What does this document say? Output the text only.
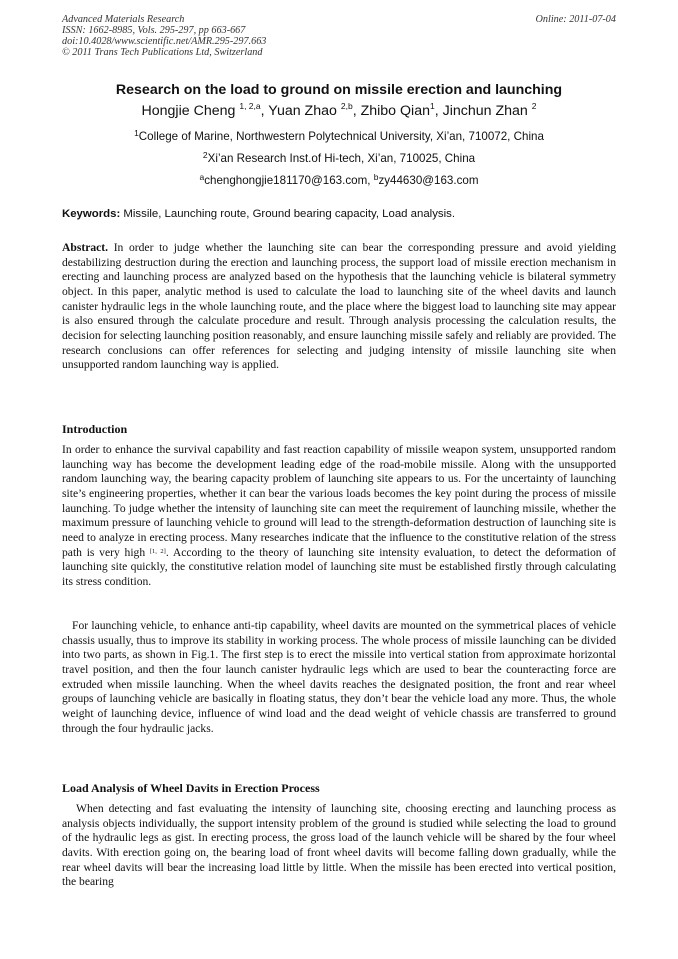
Advanced Materials Research
ISSN: 1662-8985, Vols. 295-297, pp 663-667
doi:10.4028/www.scientific.net/AMR.295-297.663
© 2011 Trans Tech Publications Ltd, Switzerland
Online: 2011-07-04
Research on the load to ground on missile erection and launching
Hongjie Cheng $^{1, 2,a}$, Yuan Zhao $^{2,b}$, Zhibo Qian$^1$, Jinchun Zhan $^2$
$^1$College of Marine, Northwestern Polytechnical University, Xi’an, 710072, China
$^2$Xi’an Research Inst.of Hi-tech, Xi’an, 710025, China
$^a$chenghongjie181170@163.com, $^b$zy44630@163.com
Keywords: Missile, Launching route, Ground bearing capacity, Load analysis.
Abstract. In order to judge whether the launching site can bear the corresponding pressure and avoid yielding destabilizing destruction during the erection and launching process, the support load of missile erection mechanism in erecting and launching process are analyzed based on the hypothesis that the launching vehicle is bilateral symmetry object. In this paper, analytic method is used to calculate the load to launching site of the wheel davits and launch canister hydraulic legs in the whole launching route, and the place where the biggest load to launching site may appear is also ensured through the calculate procedure and result. Through analysis processing the calculation results, the decision for selecting launching position reasonably, and ensure launching missile safely and reliably are provided. The research conclusions can offer references for selecting and judging intensity of missile launching site when unsupported random launching way is applied.
Introduction
In order to enhance the survival capability and fast reaction capability of missile weapon system, unsupported random launching way has become the development leading edge of the road-mobile missile. Along with the unsupported random launching way, the bearing capacity problem of launching site appears to us. For the uncertainty of launching site’s engineering properties, whether it can bear the various loads becomes the key point during the process of missile launching. To judge whether the intensity of launching site can meet the requirement of launching missile, whether the maximum pressure of launching vehicle to ground will lead to the strength-deformation destruction of launching site is need to analyze in erecting process. Many researches indicate that the influence to the constitutive relation of the stress path is very high [1, 2]. According to the theory of launching site intensity evaluation, to detect the deformation of launching site quickly, the constitutive relation model of launching site must be established firstly through calculating its stress condition.
For launching vehicle, to enhance anti-tip capability, wheel davits are mounted on the symmetrical places of vehicle chassis usually, thus to improve its stability in working process. The whole process of missile launching can be divided into two parts, as shown in Fig.1. The first step is to erect the missile into vertical station from approximate horizontal travel position, and then the four launch canister hydraulic legs which are used to bear the counteracting force are extruded when missile launching. When the wheel davits reaches the designated position, the front and rear wheel groups of launching vehicle are basically in floating status, they don’t bear the vehicle load any more. Thus, the whole weight of launching device, influence of wind load and the dead weight of vehicle chassis are transferred to ground through the four hydraulic jacks.
Load Analysis of Wheel Davits in Erection Process
When detecting and fast evaluating the intensity of launching site, choosing erecting and launching process as analysis objects individually, the support intensity problem of the ground is studied while selecting the load to ground of the hydraulic legs as gist. In erecting process, the gross load of the launch vehicle will be shared by the four wheel davits. With erection going on, the bearing load of front wheel davits will become falling down gradually, while the rear wheel davits will bear the increasing load little by little. When the missile has been erected into vertical position, the bearing
